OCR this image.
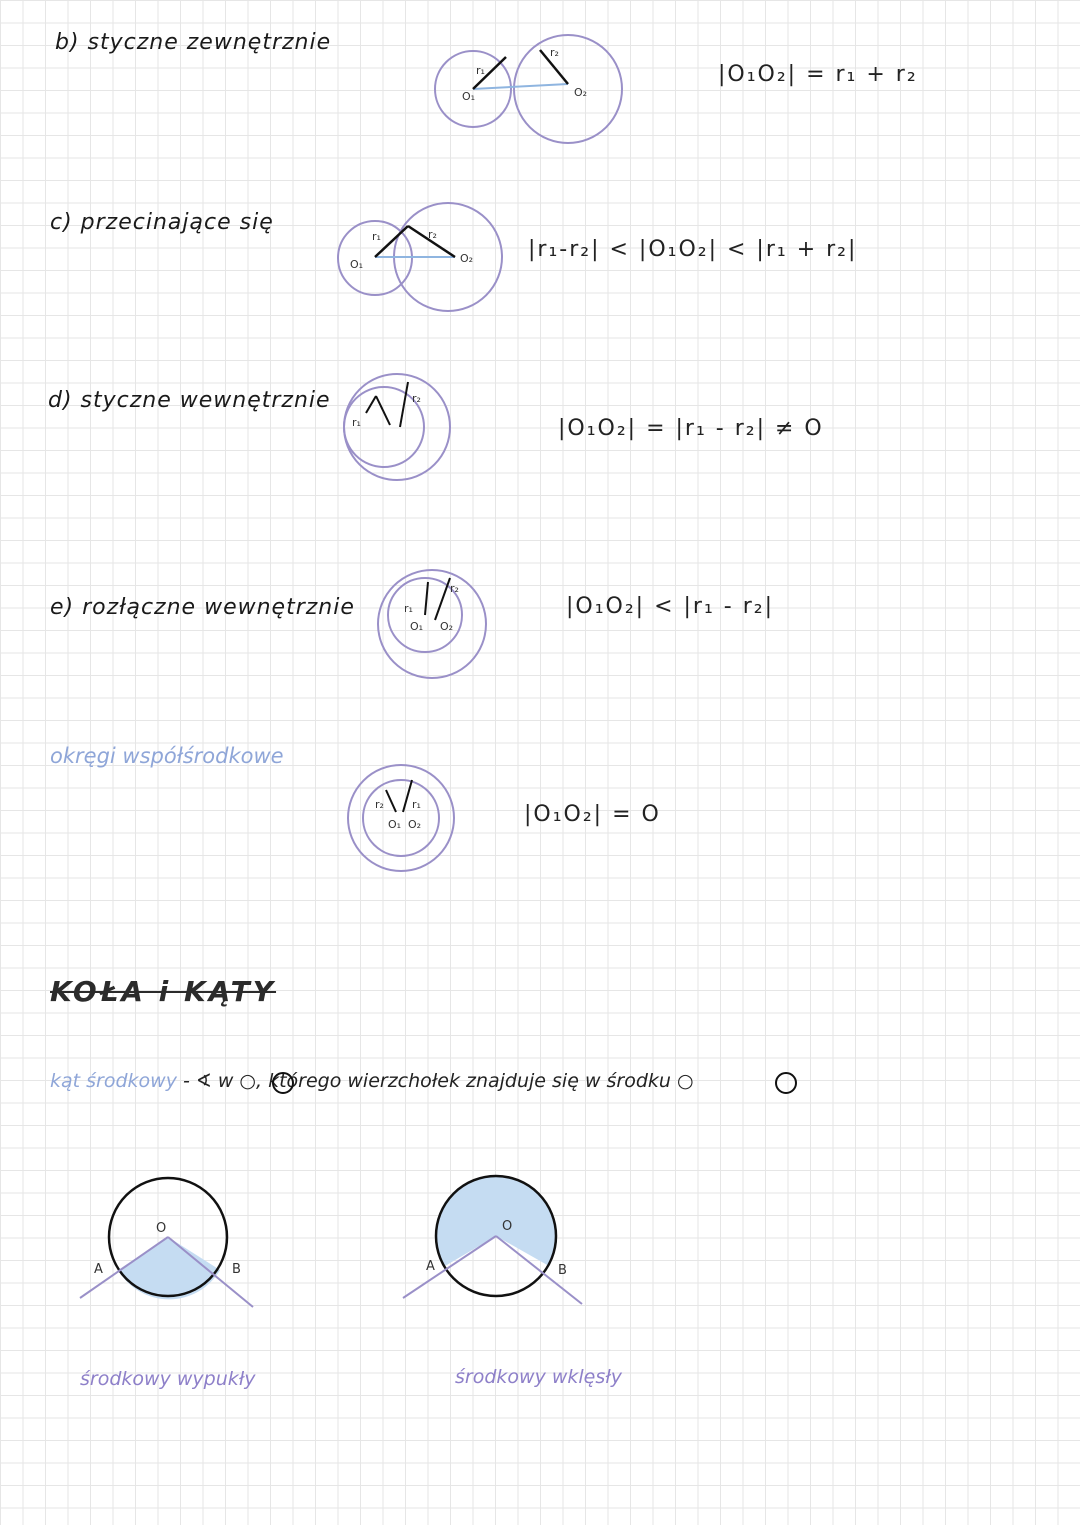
b) styczne zewnętrznie
|O₁O₂| = r₁ + r₂
c) przecinające się
|r₁-r₂| < |O₁O₂| < |r₁ + r₂|
d) styczne wewnętrznie
|O₁O₂| = |r₁ - r₂| ≠ O
e) rozłączne wewnętrznie	|O₁O₂| < |r₁ - r₂|
okręgi współśrodkowe
|O₁O₂| = O
KOŁA i KĄTY
kąt środkowy - ∢ w ○, którego wierzchołek znajduje się w środku ○
środkowy wypukły	środkowy wklęsły
O₁
r₁
O₂
r₂
O₁
r₁
O₂
r₂
r₁
r₂
r₁
O₁ O₂
r₂
r₂	r₁
O₁ O₂
O
A	B
O
A	B
